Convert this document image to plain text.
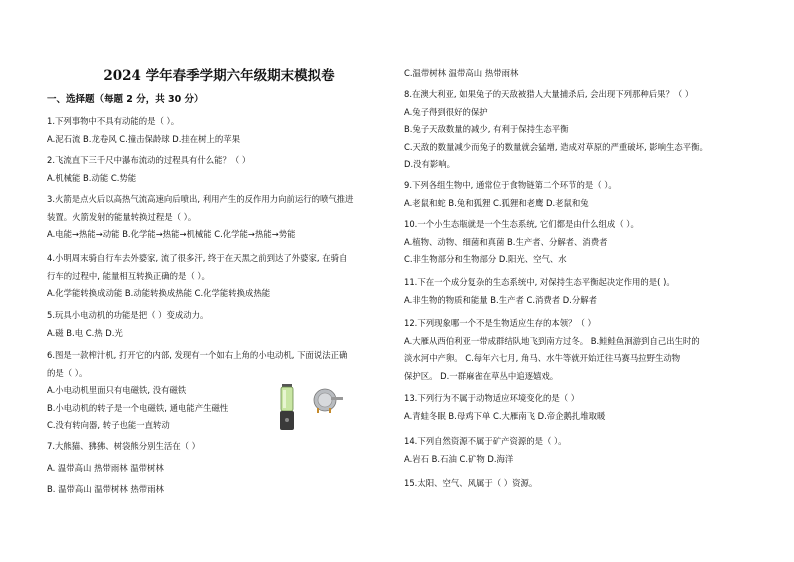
2024 学年春季学期六年级期末模拟卷
一、选择题（每题 2 分，共 30 分）
1.下列事物中不具有动能的是（ ）。
A.泥石流 B.龙卷风 C.撞击保龄球 D.挂在树上的苹果
2.飞流直下三千尺中瀑布流动的过程具有什么能？（ ）
A.机械能 B.动能 C.势能
3.火箭是点火后以高热气流高速向后喷出, 利用产生的反作用力向前运行的喷气推进
装置。火箭发射的能量转换过程是（ ）。
A.电能→热能→动能 B.化学能→热能→机械能 C.化学能→热能→势能
4.小明周末骑自行车去外婆家, 流了很多汗, 终于在天黑之前到达了外婆家, 在骑自
行车的过程中, 能量相互转换正确的是（ ）。
A.化学能转换成动能 B.动能转换成热能 C.化学能转换成热能
5.玩具小电动机的功能是把（ ）变成动力。
A.磁 B.电 C.热 D.光
6.图是一款榨汁机, 打开它的内部, 发现有一个如右上角的小电动机, 下面说法正确
的是（ ）。
A.小电动机里面只有电磁铁, 没有磁铁
B.小电动机的转子是一个电磁铁, 通电能产生磁性
C.没有转向器, 转子也能一直转动
7.大熊猫、狒狒、树袋熊分别生活在（ ）
A. 温带高山 热带雨林 温带树林
B. 温带高山 温带树林 热带雨林
C.温带树林 温带高山 热带雨林
8.在澳大利亚, 如果兔子的天敌被猎人大量捕杀后, 会出现下列那种后果？（ ）
A.兔子得到很好的保护
B.兔子天敌数量的减少, 有利于保持生态平衡
C.天敌的数量减少而兔子的数量就会猛增, 造成对草原的严重破坏, 影响生态平衡。
D.没有影响。
9.下列各组生物中, 通常位于食物链第二个环节的是（ ）。
A.老鼠和蛇 B.兔和狐狸 C.狐狸和老鹰 D.老鼠和兔
10.一个小生态瓶就是一个生态系统, 它们都是由什么组成（ ）。
A.植物、动物、细菌和真菌 B.生产者、分解者、消费者
C.非生物部分和生物部分 D.阳光、空气、水
11.下在一个成分复杂的生态系统中, 对保持生态平衡起决定作用的是( )。
A.非生物的物质和能量 B.生产者 C.消费者 D.分解者
12.下列现象哪一个不是生物适应生存的本领？（ ）
A.大雁从西伯利亚一带成群结队地飞到南方过冬。 B.鲑鲑鱼洄游到自己出生时的
淡水河中产卵。 C.每年六七月, 角马、水牛等就开始迁往马赛马拉野生动物
保护区。 D.一群麻雀在草丛中追逐嬉戏。
13.下列行为不属于动物适应环境变化的是（ ）
A.青蛙冬眠 B.母鸡下单 C.大雁南飞 D.帝企鹅扎堆取暖
14.下列自然资源不属于矿产资源的是（ ）。
A.岩石 B.石油 C.矿物 D.海洋
15.太阳、空气、风属于（ ）资源。
